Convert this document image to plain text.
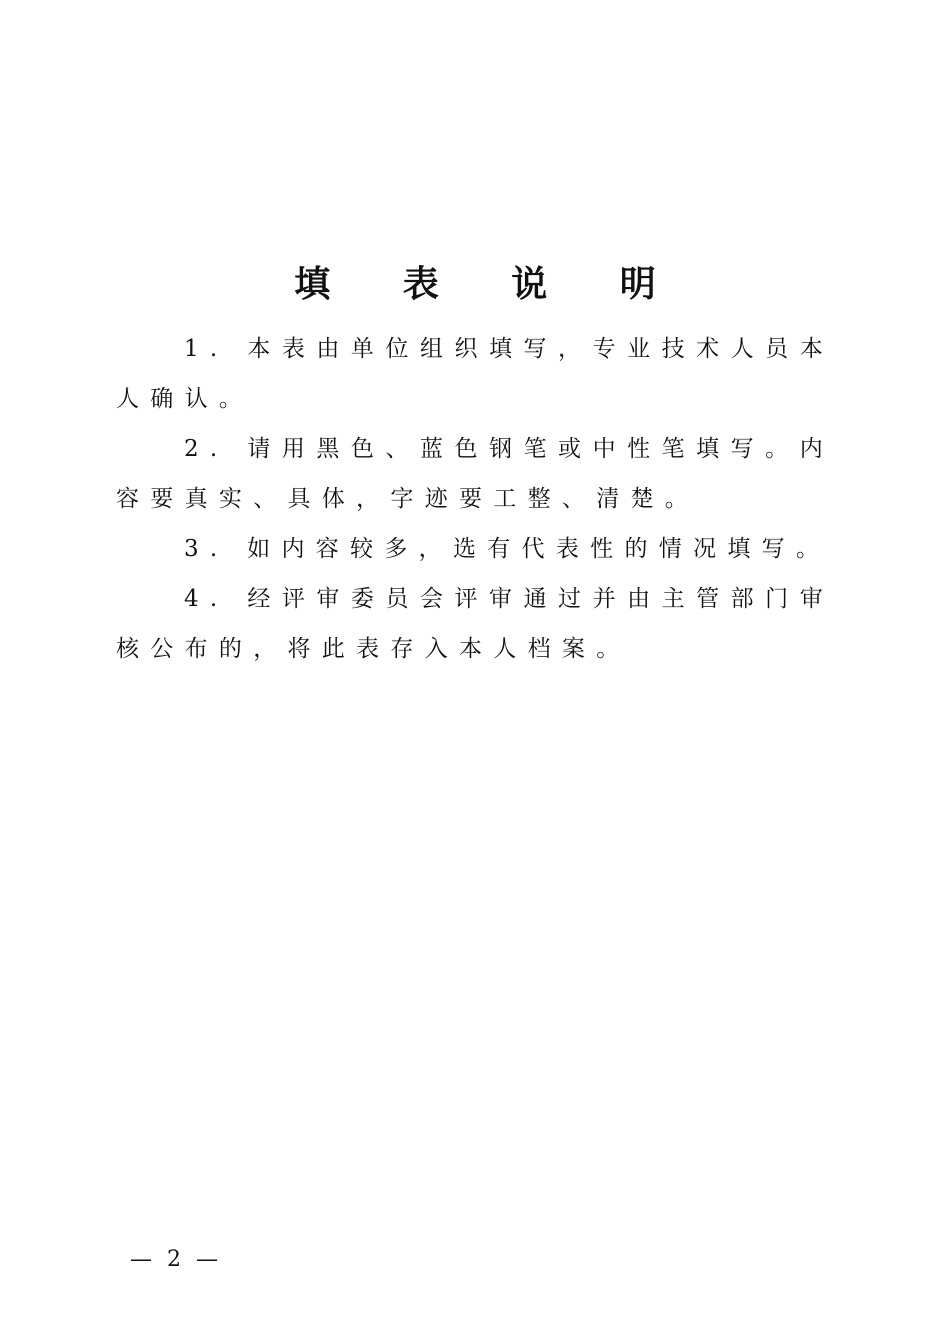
填 表 说 明

1. 本表由单位组织填写，专业技术人员本人确认。

2. 请用黑色、蓝色钢笔或中性笔填写。内容要真实、具体，字迹要工整、清楚。

3. 如内容较多，选有代表性的情况填写。

4. 经评审委员会评审通过并由主管部门审核公布的，将此表存入本人档案。

— 2 —
